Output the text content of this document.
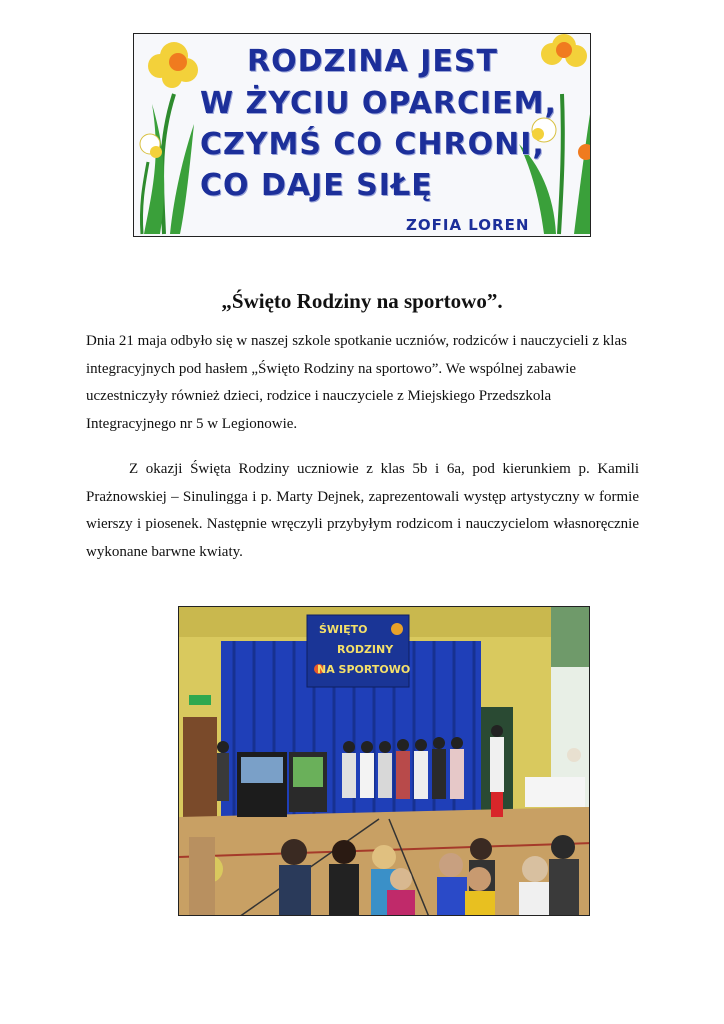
RODZINA JEST
W ŻYCIU OPARCIEM,
CZYMŚ CO CHRONI,
CO DAJE SIŁĘ
ZOFIA LOREN
„Święto Rodziny na sportowo”.

Dnia 21 maja odbyło się w naszej szkole spotkanie uczniów, rodziców i nauczycieli z klas integracyjnych pod hasłem „Święto Rodziny na sportowo”. We wspólnej zabawie uczestniczyły również dzieci, rodzice i nauczyciele z Miejskiego Przedszkola Integracyjnego nr 5 w Legionowie.

Z okazji Święta Rodziny uczniowie z klas 5b i 6a, pod kierunkiem p. Kamili Prażnowskiej – Sinulingga i p. Marty Dejnek, zaprezentowali występ artystyczny w formie wierszy i piosenek. Następnie wręczyli przybyłym rodzicom i nauczycielom własnoręcznie wykonane barwne kwiaty.

ŚWIĘTO
RODZINY
NA SPORTOWO
